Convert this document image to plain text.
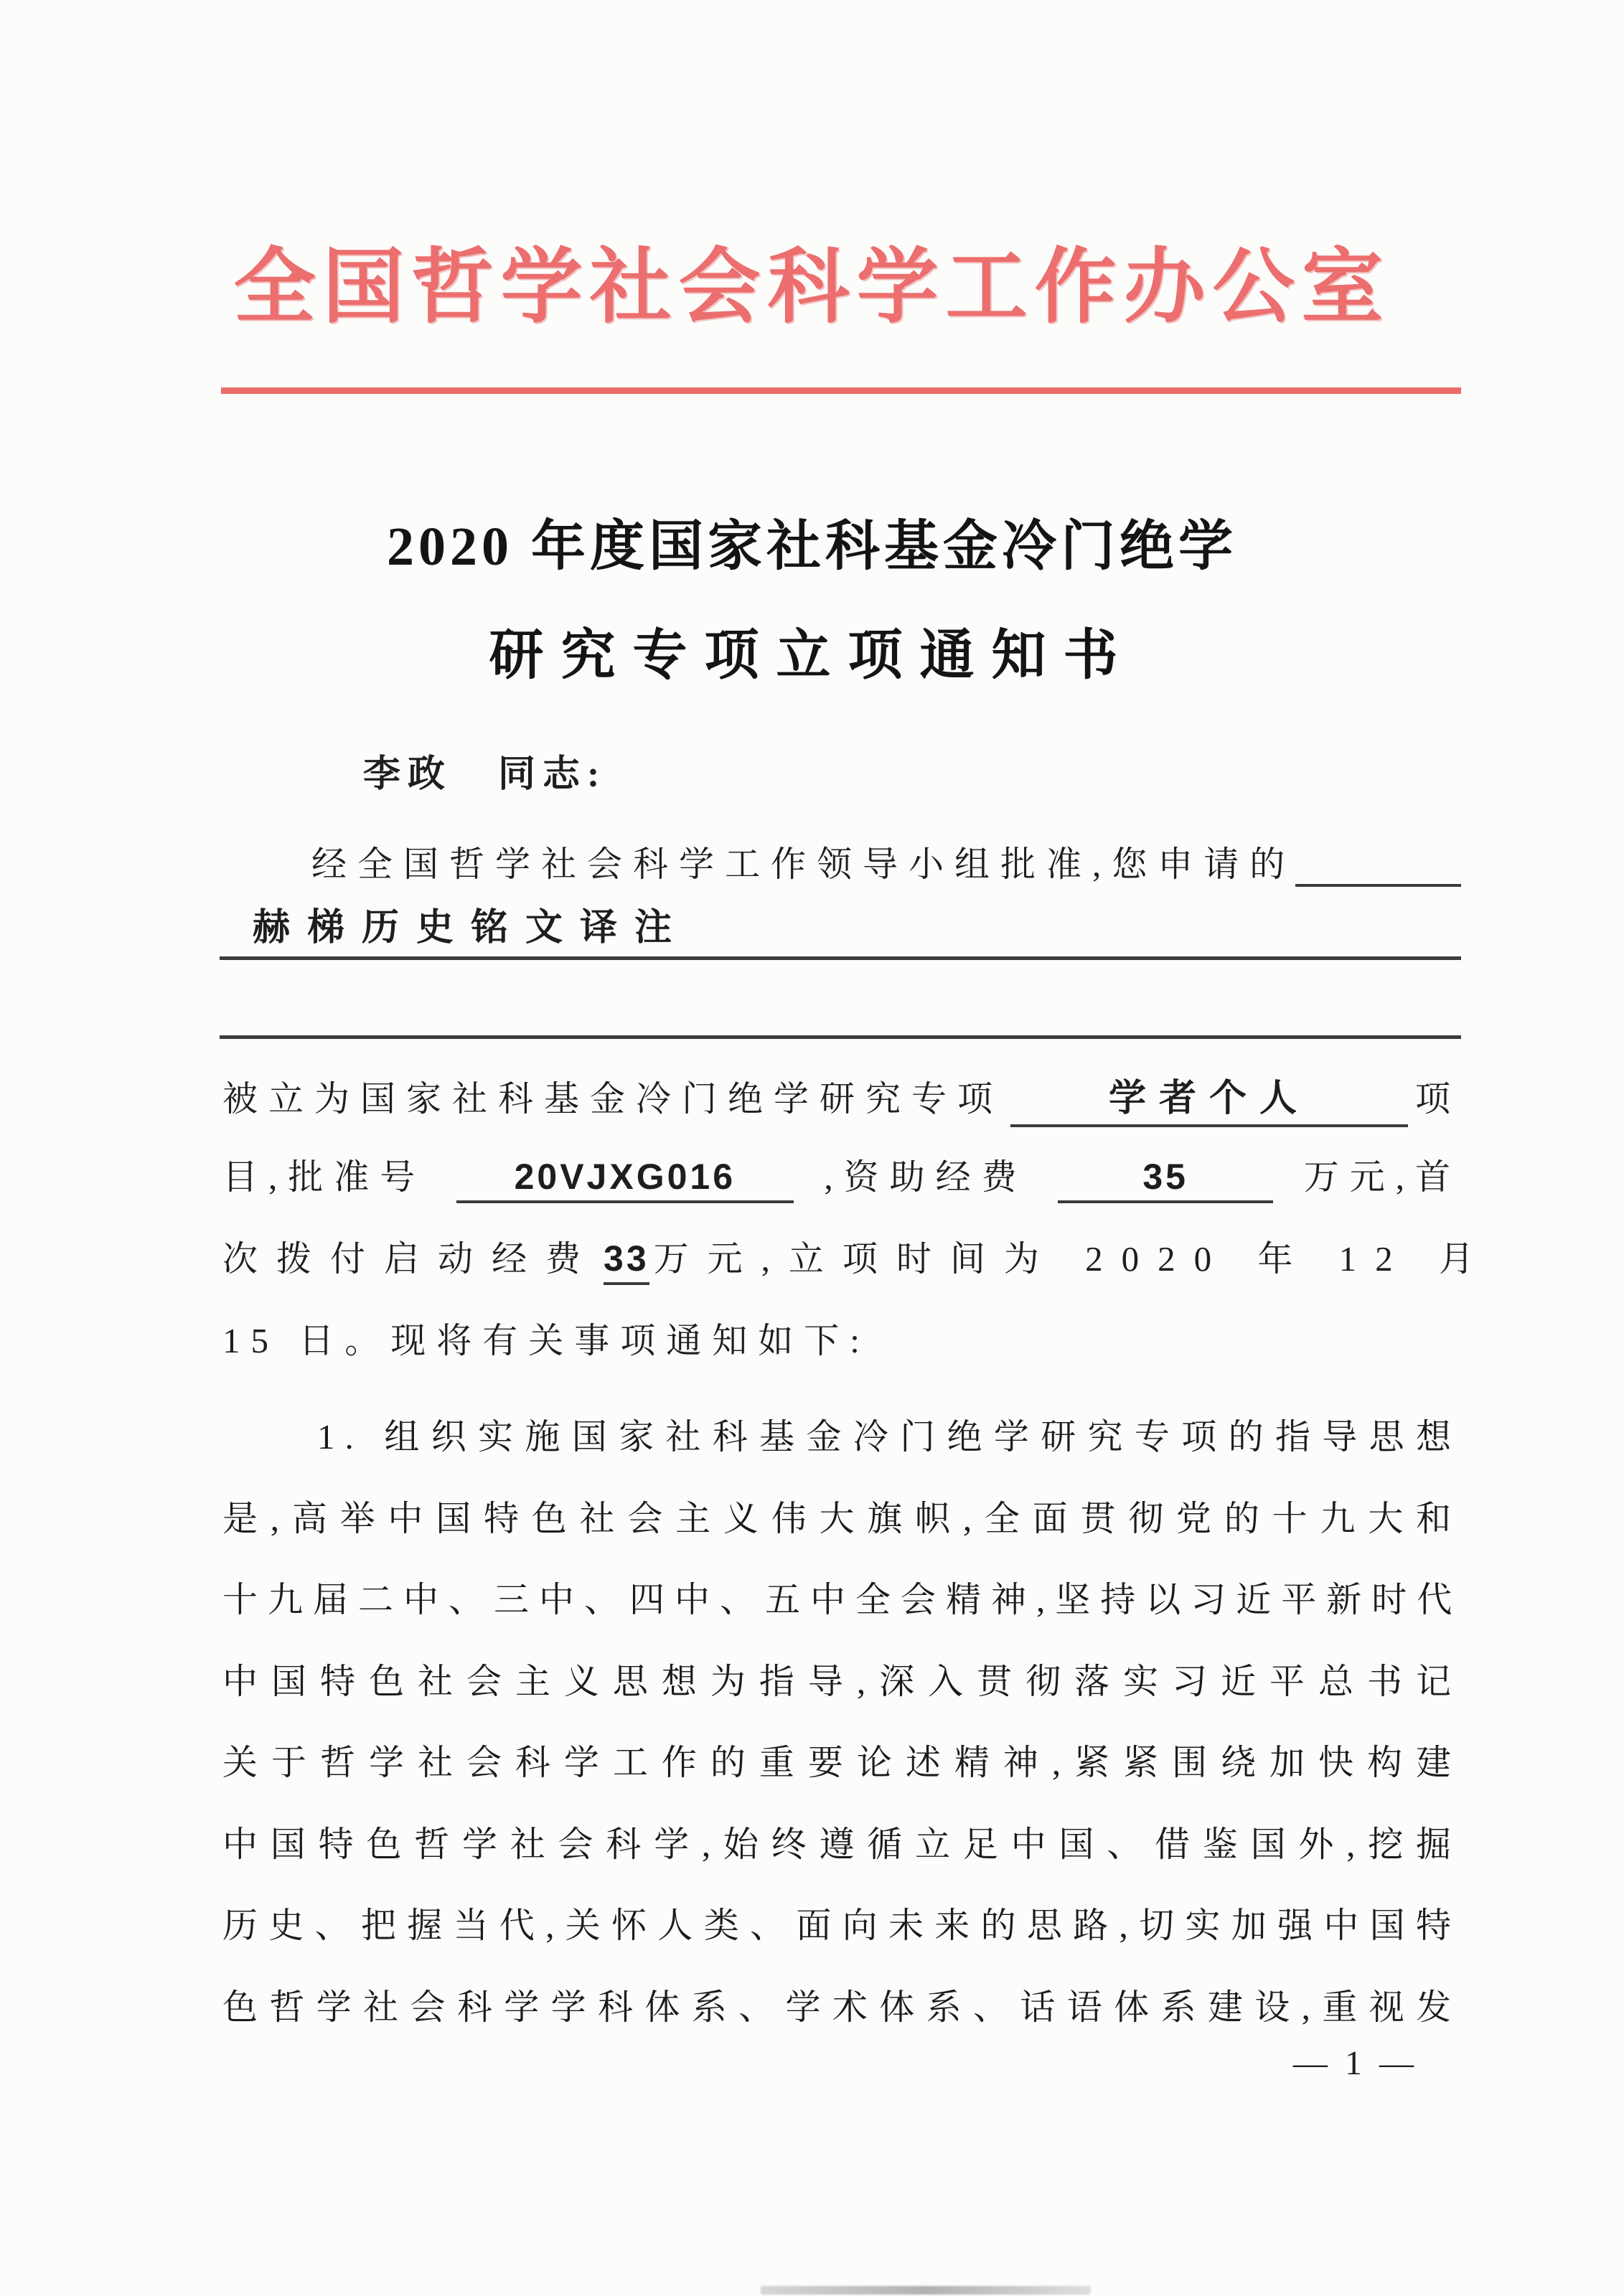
全国哲学社会科学工作办公室
2020 年度国家社科基金冷门绝学
研究专项立项通知书
李政 同志:
经全国哲学社会科学工作领导小组批准,您申请的
赫梯历史铭文译注
被立为国家社科基金冷门绝学研究专项	学者个人	项
目,批准号	20VJXG016	,资助经费	35	万元,首
次拨付启动经费 33 万元,立项时间为 2020 年 12 月
15 日。现将有关事项通知如下:
1. 组织实施国家社科基金冷门绝学研究专项的指导思想
是,高举中国特色社会主义伟大旗帜,全面贯彻党的十九大和
十九届二中、三中、四中、五中全会精神,坚持以习近平新时代
中国特色社会主义思想为指导,深入贯彻落实习近平总书记
关于哲学社会科学工作的重要论述精神,紧紧围绕加快构建
中国特色哲学社会科学,始终遵循立足中国、借鉴国外,挖掘
历史、把握当代,关怀人类、面向未来的思路,切实加强中国特
色哲学社会科学学科体系、学术体系、话语体系建设,重视发
— 1 —
